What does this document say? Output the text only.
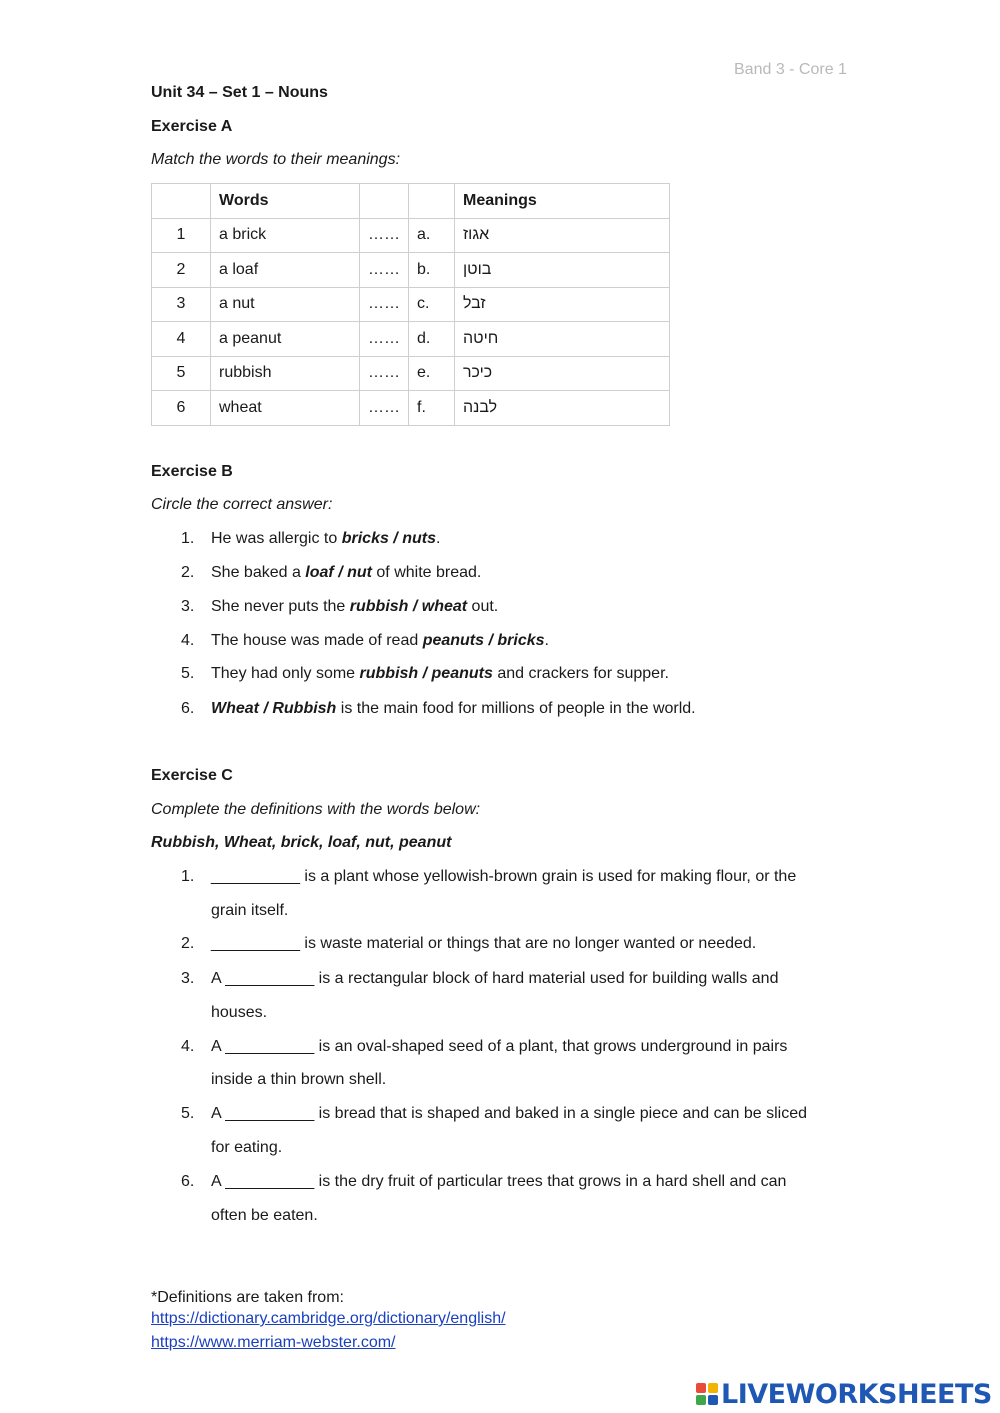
Band 3 - Core 1
Unit 34 – Set 1 – Nouns
Exercise A
Match the words to their meanings:
	Words			Meanings
1	a brick	……	a.	אגוז
2	a loaf	……	b.	בוטן
3	a nut	……	c.	זבל
4	a peanut	……	d.	חיטה
5	rubbish	……	e.	כיכר
6	wheat	……	f.	לבנה
Exercise B
Circle the correct answer:
1. He was allergic to bricks / nuts.
2. She baked a loaf / nut of white bread.
3. She never puts the rubbish / wheat out.
4. The house was made of read peanuts / bricks.
5. They had only some rubbish / peanuts and crackers for supper.
6. Wheat / Rubbish is the main food for millions of people in the world.
Exercise C
Complete the definitions with the words below:
Rubbish, Wheat, brick, loaf, nut, peanut
1. __________ is a plant whose yellowish-brown grain is used for making flour, or the
grain itself.
2. __________ is waste material or things that are no longer wanted or needed.
3. A __________ is a rectangular block of hard material used for building walls and
houses.
4. A __________ is an oval-shaped seed of a plant, that grows underground in pairs
inside a thin brown shell.
5. A __________ is bread that is shaped and baked in a single piece and can be sliced
for eating.
6. A __________ is the dry fruit of particular trees that grows in a hard shell and can
often be eaten.
*Definitions are taken from:
https://dictionary.cambridge.org/dictionary/english/
https://www.merriam-webster.com/
LIVEWORKSHEETS
